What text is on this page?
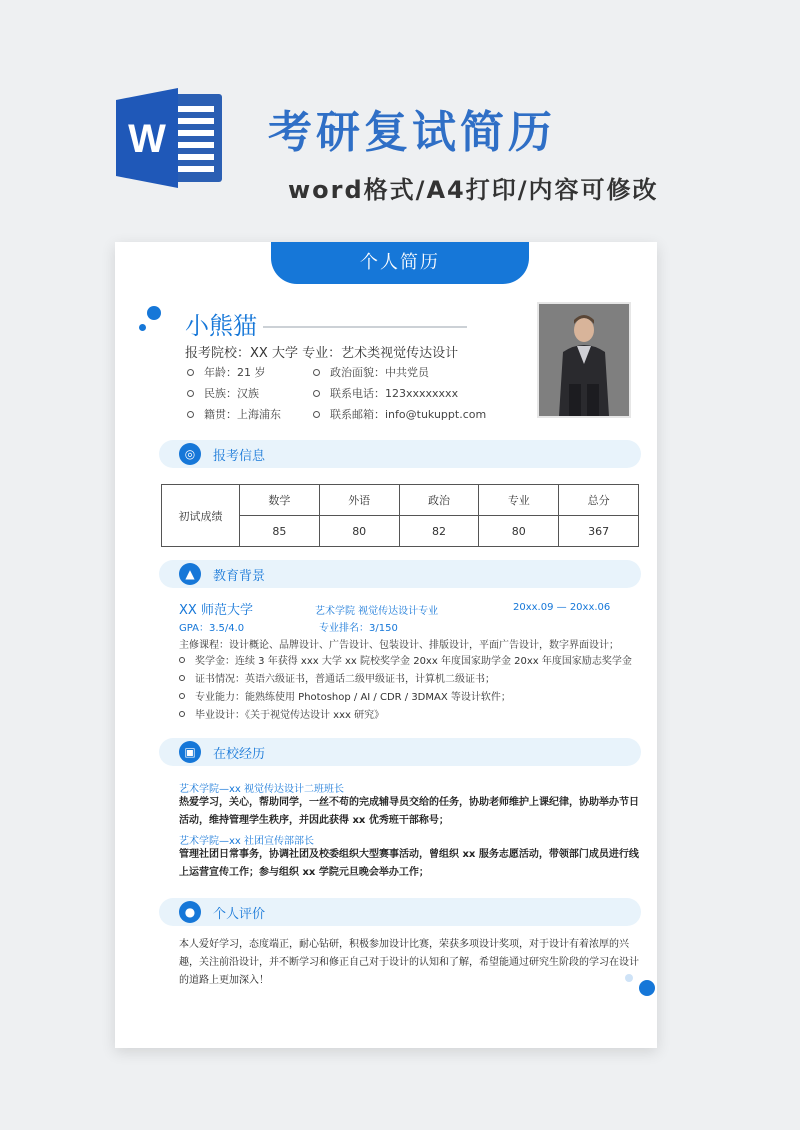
W 考研复试简历
word格式/A4打印/内容可修改
个人简历
小熊猫
报考院校：XX 大学 专业：艺术类视觉传达设计
年龄：21 岁	政治面貌：中共党员
民族：汉族	联系电话：123xxxxxxxx
籍贯：上海浦东	联系邮箱：info@tukuppt.com
◎	报考信息
初试成绩	数学	外语	政治	专业	总分
	85	80	82	80	367
▲	教育背景
XX 师范大学	艺术学院 视觉传达设计专业	20xx.09 — 20xx.06
GPA：3.5/4.0	专业排名：3/150
主修课程：设计概论、品牌设计、广告设计、包装设计、排版设计，平面广告设计，数字界面设计；
奖学金：连续 3 年获得 xxx 大学 xx 院校奖学金 20xx 年度国家助学金 20xx 年度国家励志奖学金
证书情况：英语六级证书，普通话二级甲级证书，计算机二级证书；
专业能力：能熟练使用 Photoshop / AI / CDR / 3DMAX 等设计软件；
毕业设计：《关于视觉传达设计 xxx 研究》
▣	在校经历
艺术学院—xx 视觉传达设计二班班长
热爱学习，关心，帮助同学，一丝不苟的完成辅导员交给的任务，协助老师维护上课纪律，协助举办节日活动，维持管理学生秩序，并因此获得 xx 优秀班干部称号；
艺术学院—xx 社团宣传部部长
管理社团日常事务，协调社团及校委组织大型赛事活动，曾组织 xx 服务志愿活动，带领部门成员进行线上运营宣传工作；参与组织 xx 学院元旦晚会举办工作；
●	个人评价
本人爱好学习，态度端正，耐心钻研，积极参加设计比赛，荣获多项设计奖项，对于设计有着浓厚的兴趣，关注前沿设计，并不断学习和修正自己对于设计的认知和了解，希望能通过研究生阶段的学习在设计的道路上更加深入！
